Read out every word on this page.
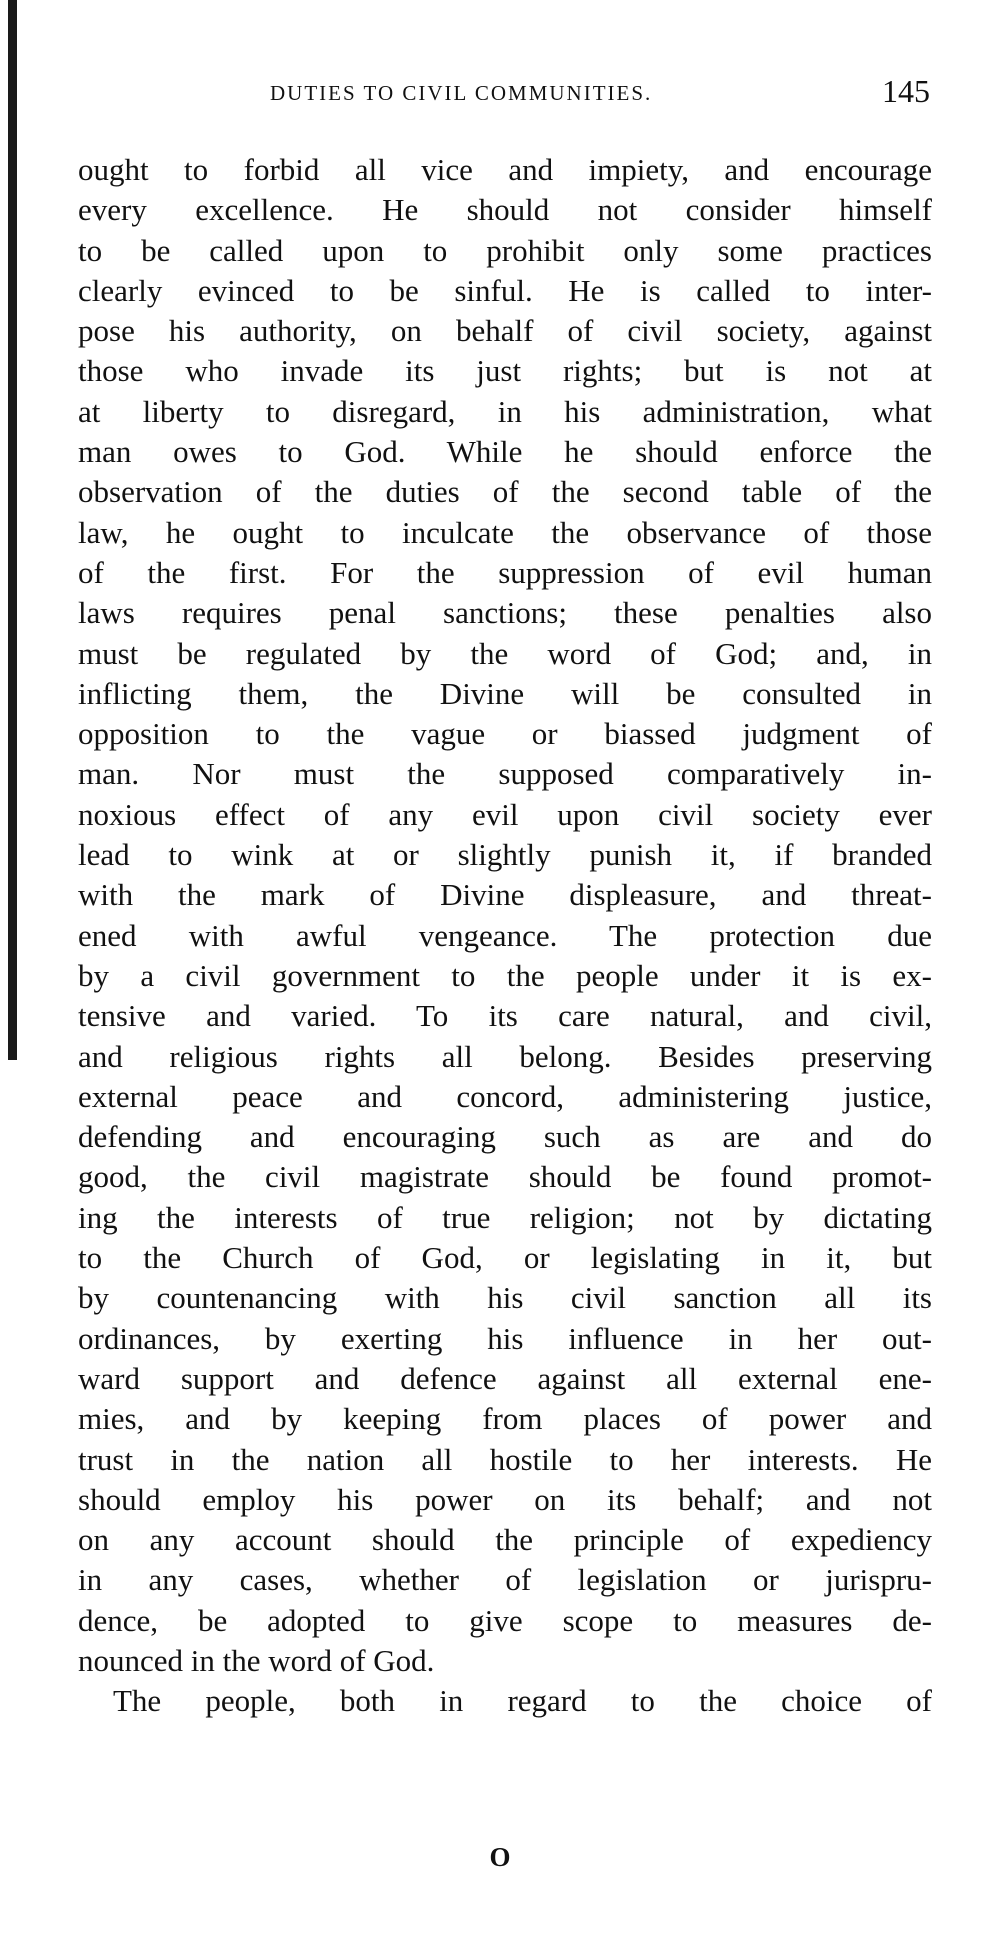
DUTIES TO CIVIL COMMUNITIES.	145
ought to forbid all vice and impiety, and encourage
every excellence. He should not consider himself
to be called upon to prohibit only some practices
clearly evinced to be sinful. He is called to inter-
pose his authority, on behalf of civil society, against
those who invade its just rights; but is not at
at liberty to disregard, in his administration, what
man owes to God. While he should enforce the
observation of the duties of the second table of the
law, he ought to inculcate the observance of those
of the first. For the suppression of evil human
laws requires penal sanctions; these penalties also
must be regulated by the word of God; and, in
inflicting them, the Divine will be consulted in
opposition to the vague or biassed judgment of
man. Nor must the supposed comparatively in-
noxious effect of any evil upon civil society ever
lead to wink at or slightly punish it, if branded
with the mark of Divine displeasure, and threat-
ened with awful vengeance. The protection due
by a civil government to the people under it is ex-
tensive and varied. To its care natural, and civil,
and religious rights all belong. Besides preserving
external peace and concord, administering justice,
defending and encouraging such as are and do
good, the civil magistrate should be found promot-
ing the interests of true religion; not by dictating
to the Church of God, or legislating in it, but
by countenancing with his civil sanction all its
ordinances, by exerting his influence in her out-
ward support and defence against all external ene-
mies, and by keeping from places of power and
trust in the nation all hostile to her interests. He
should employ his power on its behalf; and not
on any account should the principle of expediency
in any cases, whether of legislation or jurispru-
dence, be adopted to give scope to measures de-
nounced in the word of God.
The people, both in regard to the choice of
O
